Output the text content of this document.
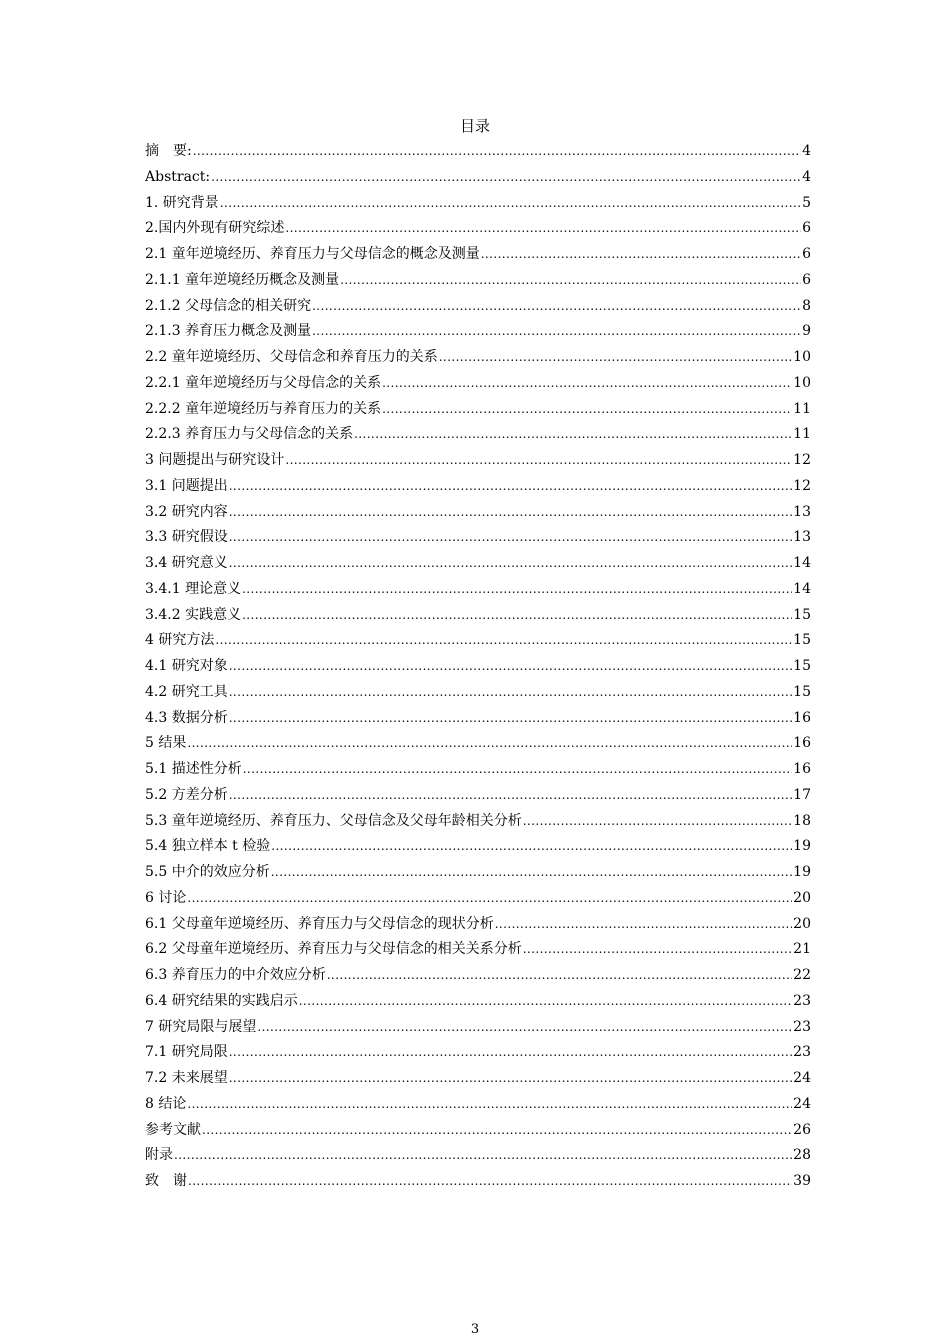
目录
摘　要: .....	4
Abstract: .....	4
1. 研究背景 .....	5
2.国内外现有研究综述 .....	6
2.1 童年逆境经历、养育压力与父母信念的概念及测量 .....	6
2.1.1 童年逆境经历概念及测量 .....	6
2.1.2 父母信念的相关研究 .....	8
2.1.3 养育压力概念及测量 .....	9
2.2 童年逆境经历、父母信念和养育压力的关系 .....	10
2.2.1 童年逆境经历与父母信念的关系 .....	10
2.2.2 童年逆境经历与养育压力的关系 .....	11
2.2.3 养育压力与父母信念的关系 .....	11
3 问题提出与研究设计 .....	12
3.1 问题提出 .....	12
3.2 研究内容 .....	13
3.3 研究假设 .....	13
3.4 研究意义 .....	14
3.4.1 理论意义 .....	14
3.4.2 实践意义 .....	15
4 研究方法 .....	15
4.1 研究对象 .....	15
4.2 研究工具 .....	15
4.3 数据分析 .....	16
5 结果 .....	16
5.1 描述性分析 .....	16
5.2 方差分析 .....	17
5.3 童年逆境经历、养育压力、父母信念及父母年龄相关分析 .....	18
5.4 独立样本 t 检验 .....	19
5.5 中介的效应分析 .....	19
6 讨论 .....	20
6.1 父母童年逆境经历、养育压力与父母信念的现状分析 .....	20
6.2 父母童年逆境经历、养育压力与父母信念的相关关系分析 .....	21
6.3 养育压力的中介效应分析 .....	22
6.4 研究结果的实践启示 .....	23
7 研究局限与展望 .....	23
7.1 研究局限 .....	23
7.2 未来展望 .....	24
8 结论 .....	24
参考文献 .....	26
附录 .....	28
致　谢 .....	39
3
